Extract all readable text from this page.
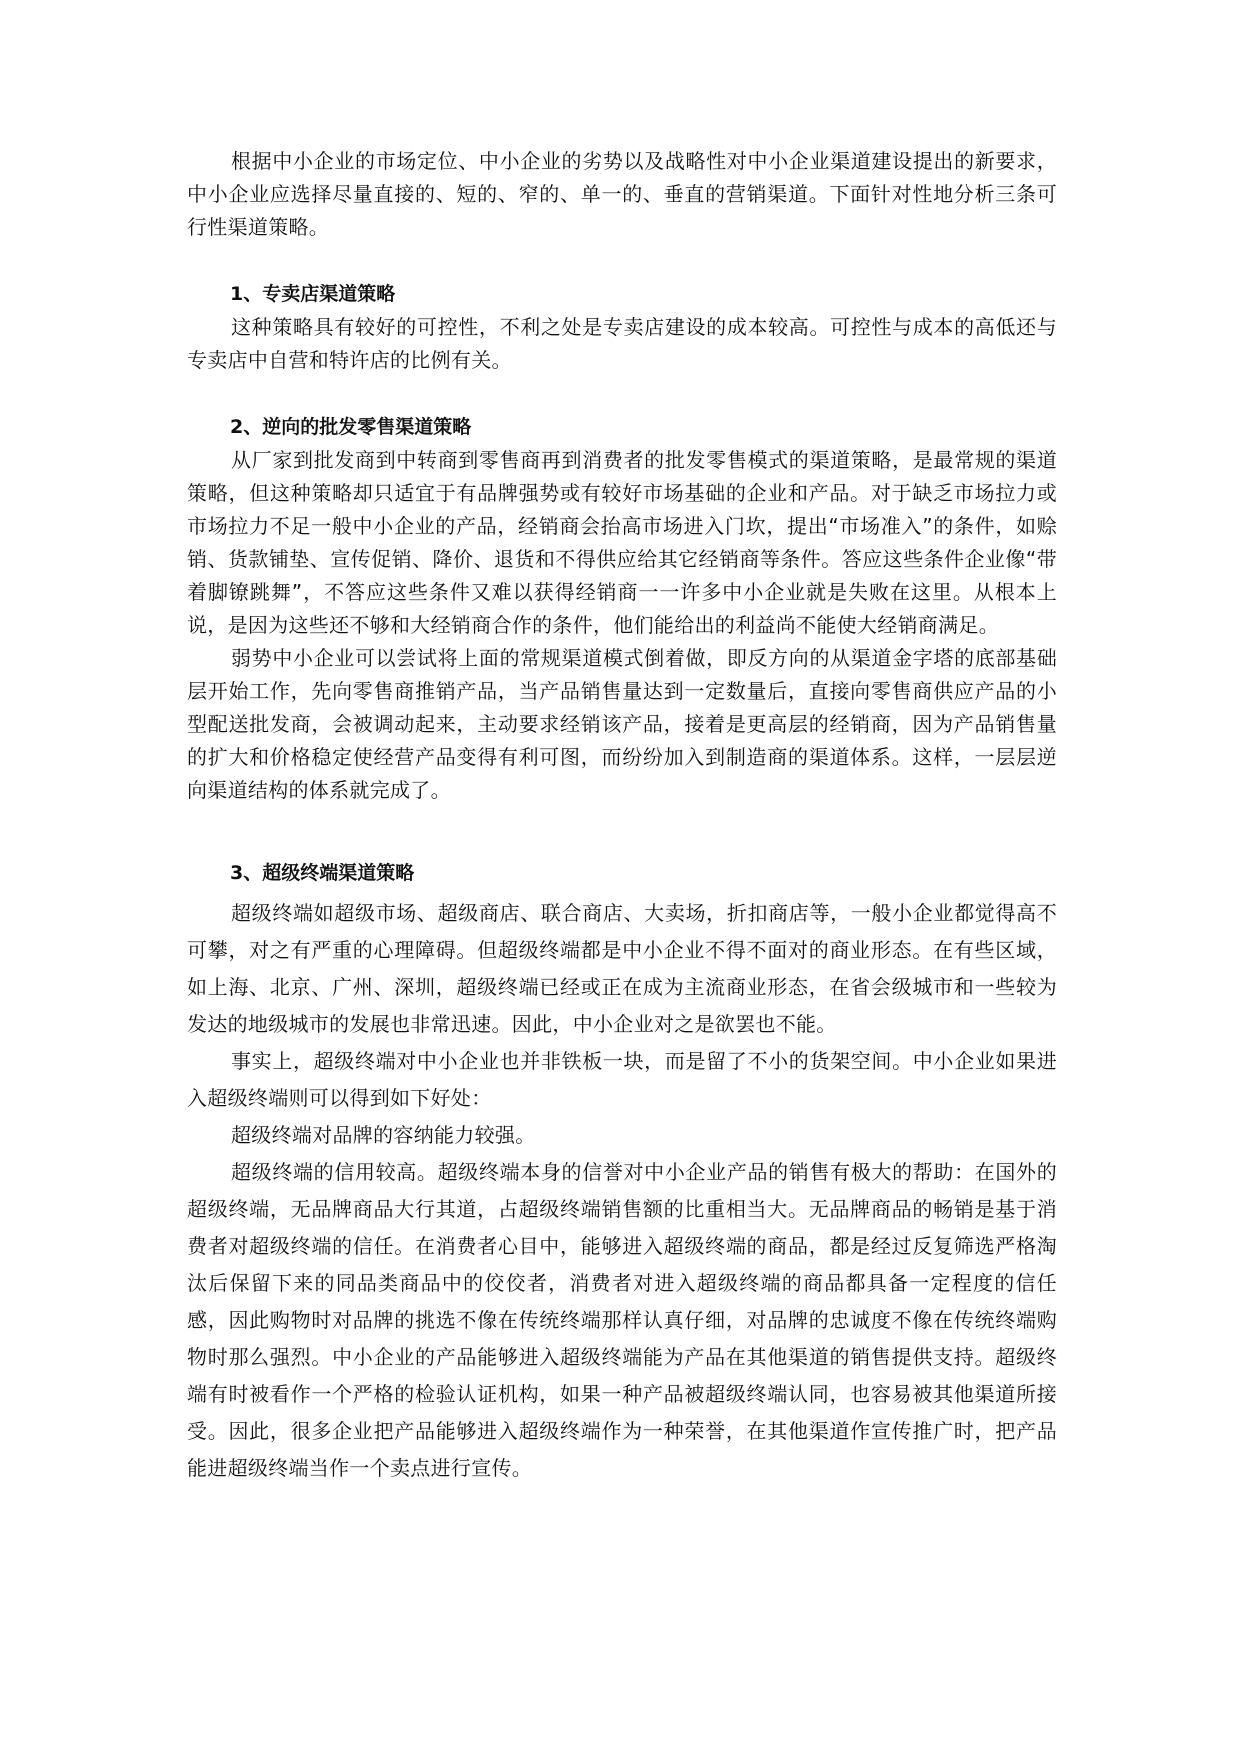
根据中小企业的市场定位、中小企业的劣势以及战略性对中小企业渠道建设提出的新要求，中小企业应选择尽量直接的、短的、窄的、单一的、垂直的营销渠道。下面针对性地分析三条可行性渠道策略。

1、专卖店渠道策略

这种策略具有较好的可控性，不利之处是专卖店建设的成本较高。可控性与成本的高低还与专卖店中自营和特许店的比例有关。

2、逆向的批发零售渠道策略

从厂家到批发商到中转商到零售商再到消费者的批发零售模式的渠道策略，是最常规的渠道策略，但这种策略却只适宜于有品牌强势或有较好市场基础的企业和产品。对于缺乏市场拉力或市场拉力不足一般中小企业的产品，经销商会抬高市场进入门坎，提出“市场准入”的条件，如赊销、货款铺垫、宣传促销、降价、退货和不得供应给其它经销商等条件。答应这些条件企业像“带着脚镣跳舞”，不答应这些条件又难以获得经销商一一许多中小企业就是失败在这里。从根本上说，是因为这些还不够和大经销商合作的条件，他们能给出的利益尚不能使大经销商满足。

弱势中小企业可以尝试将上面的常规渠道模式倒着做，即反方向的从渠道金字塔的底部基础层开始工作，先向零售商推销产品，当产品销售量达到一定数量后，直接向零售商供应产品的小型配送批发商，会被调动起来，主动要求经销该产品，接着是更高层的经销商，因为产品销售量的扩大和价格稳定使经营产品变得有利可图，而纷纷加入到制造商的渠道体系。这样，一层层逆向渠道结构的体系就完成了。

3、超级终端渠道策略

超级终端如超级市场、超级商店、联合商店、大卖场，折扣商店等，一般小企业都觉得高不可攀，对之有严重的心理障碍。但超级终端都是中小企业不得不面对的商业形态。在有些区域，如上海、北京、广州、深圳，超级终端已经或正在成为主流商业形态，在省会级城市和一些较为发达的地级城市的发展也非常迅速。因此，中小企业对之是欲罢也不能。

事实上，超级终端对中小企业也并非铁板一块，而是留了不小的货架空间。中小企业如果进入超级终端则可以得到如下好处：

超级终端对品牌的容纳能力较强。

超级终端的信用较高。超级终端本身的信誉对中小企业产品的销售有极大的帮助：在国外的超级终端，无品牌商品大行其道，占超级终端销售额的比重相当大。无品牌商品的畅销是基于消费者对超级终端的信任。在消费者心目中，能够进入超级终端的商品，都是经过反复筛选严格淘汰后保留下来的同品类商品中的佼佼者，消费者对进入超级终端的商品都具备一定程度的信任感，因此购物时对品牌的挑选不像在传统终端那样认真仔细，对品牌的忠诚度不像在传统终端购物时那么强烈。中小企业的产品能够进入超级终端能为产品在其他渠道的销售提供支持。超级终端有时被看作一个严格的检验认证机构，如果一种产品被超级终端认同，也容易被其他渠道所接受。因此，很多企业把产品能够进入超级终端作为一种荣誉，在其他渠道作宣传推广时，把产品能进超级终端当作一个卖点进行宣传。
